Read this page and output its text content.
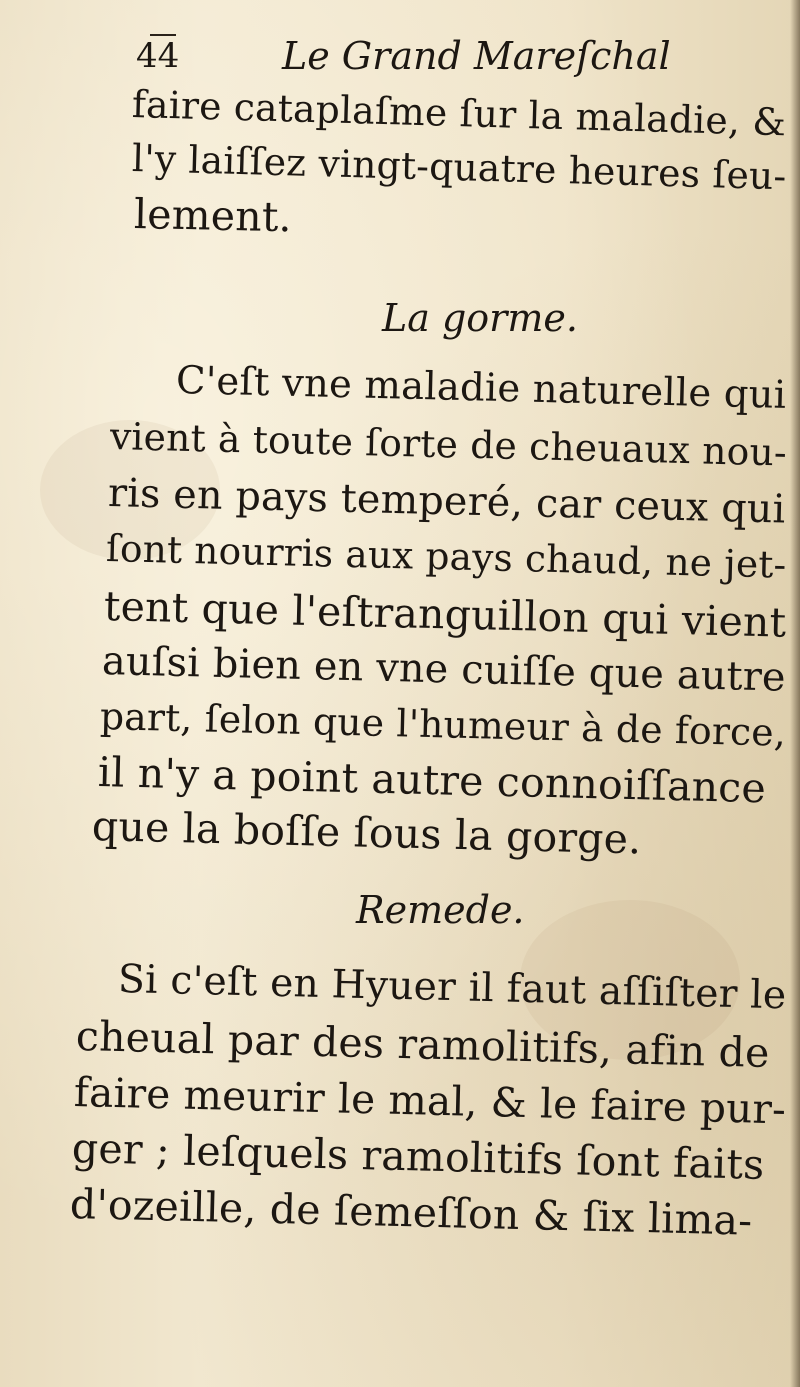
44	Le Grand Mareſchal
faire cataplaſme ſur la maladie, &
l'y laiſſez vingt-quatre heures ſeu-
lement.
La gorme.
C'eſt vne maladie naturelle qui
vient à toute ſorte de cheuaux nou-
ris en pays temperé, car ceux qui
ſont nourris aux pays chaud, ne jet-
tent que l'eſtranguillon qui vient
auſsi bien en vne cuiſſe que autre
part, ſelon que l'humeur à de force,
il n'y a point autre connoiſſance
que la boſſe ſous la gorge.
Remede.
Si c'eſt en Hyuer il faut aſſiſter le
cheual par des ramolitifs, afin de
faire meurir le mal, & le faire pur-
ger ; leſquels ramolitifs ſont faits
d'ozeille, de ſemeſſon & ſix lima-
